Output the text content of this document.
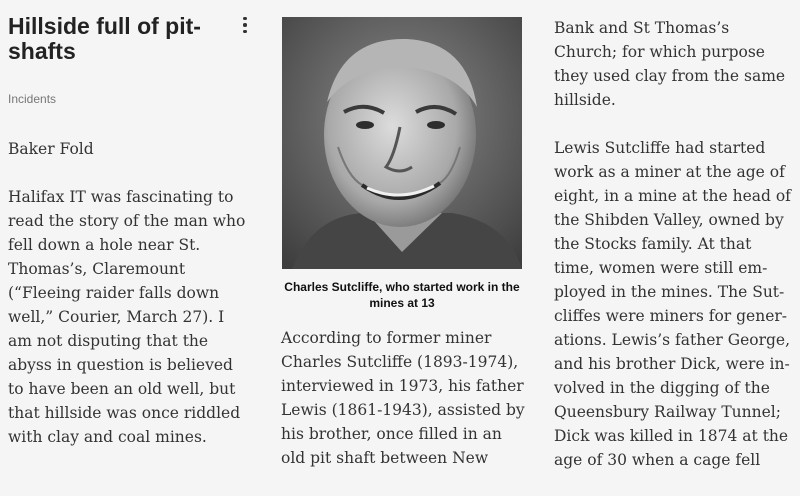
Hillside full of pit-shafts
Incidents

Baker Fold

Halifax IT was fascinating to read the story of the man who fell down a hole near St. Thomas’s, Claremount (“Fleeing raider falls down well,” Courier, March 27). I am not disputing that the abyss in question is believed to have been an old well, but that hillside was once riddled with clay and coal mines.

Charles Sutcliffe, who started work in the mines at 13

According to former miner Charles Sutcliffe (1893-1974), interviewed in 1973, his father Lewis (1861-1943), assisted by his brother, once filled in an old pit shaft between New

Bank and St Thomas’s Church; for which purpose they used clay from the same hillside.

Lewis Sutcliffe had started work as a miner at the age of eight, in a mine at the head of the Shibden Valley, owned by the Stocks family. At that time, women were still em-ployed in the mines. The Sut-cliffes were miners for gener-ations. Lewis’s father George, and his brother Dick, were in-volved in the digging of the Queensbury Railway Tunnel; Dick was killed in 1874 at the age of 30 when a cage fell
